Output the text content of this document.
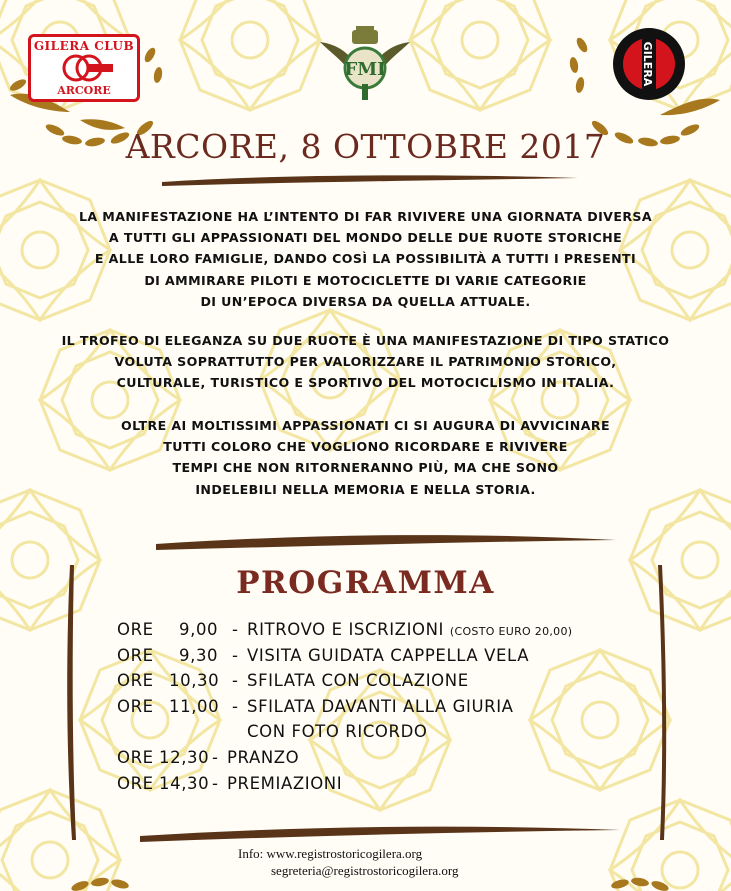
GILERA CLUB
ARCORE
FMI	GILERA
ARCORE, 8 OTTOBRE 2017
LA MANIFESTAZIONE HA L’INTENTO DI FAR RIVIVERE UNA GIORNATA DIVERSA
A TUTTI GLI APPASSIONATI DEL MONDO DELLE DUE RUOTE STORICHE
E ALLE LORO FAMIGLIE, DANDO COSÌ LA POSSIBILITÀ A TUTTI I PRESENTI
DI AMMIRARE PILOTI E MOTOCICLETTE DI VARIE CATEGORIE
DI UN’EPOCA DIVERSA DA QUELLA ATTUALE.
IL TROFEO DI ELEGANZA SU DUE RUOTE È UNA MANIFESTAZIONE DI TIPO STATICO
VOLUTA SOPRATTUTTO PER VALORIZZARE IL PATRIMONIO STORICO,
CULTURALE, TURISTICO E SPORTIVO DEL MOTOCICLISMO IN ITALIA.
OLTRE AI MOLTISSIMI APPASSIONATI CI SI AUGURA DI AVVICINARE
TUTTI COLORO CHE VOGLIONO RICORDARE E RIVIVERE
TEMPI CHE NON RITORNERANNO PIÙ, MA CHE SONO
INDELEBILI NELLA MEMORIA E NELLA STORIA.
PROGRAMMA
ORE 9,00 - RITROVO E ISCRIZIONI (COSTO EURO 20,00)
ORE 9,30 - VISITA GUIDATA CAPPELLA VELA
ORE 10,30 - SFILATA CON COLAZIONE
ORE 11,00 - SFILATA DAVANTI ALLA GIURIA
CON FOTO RICORDO
ORE 12,30 - PRANZO
ORE 14,30 - PREMIAZIONI
Info: www.registrostoricogilera.org
segreteria@registrostoricogilera.org
